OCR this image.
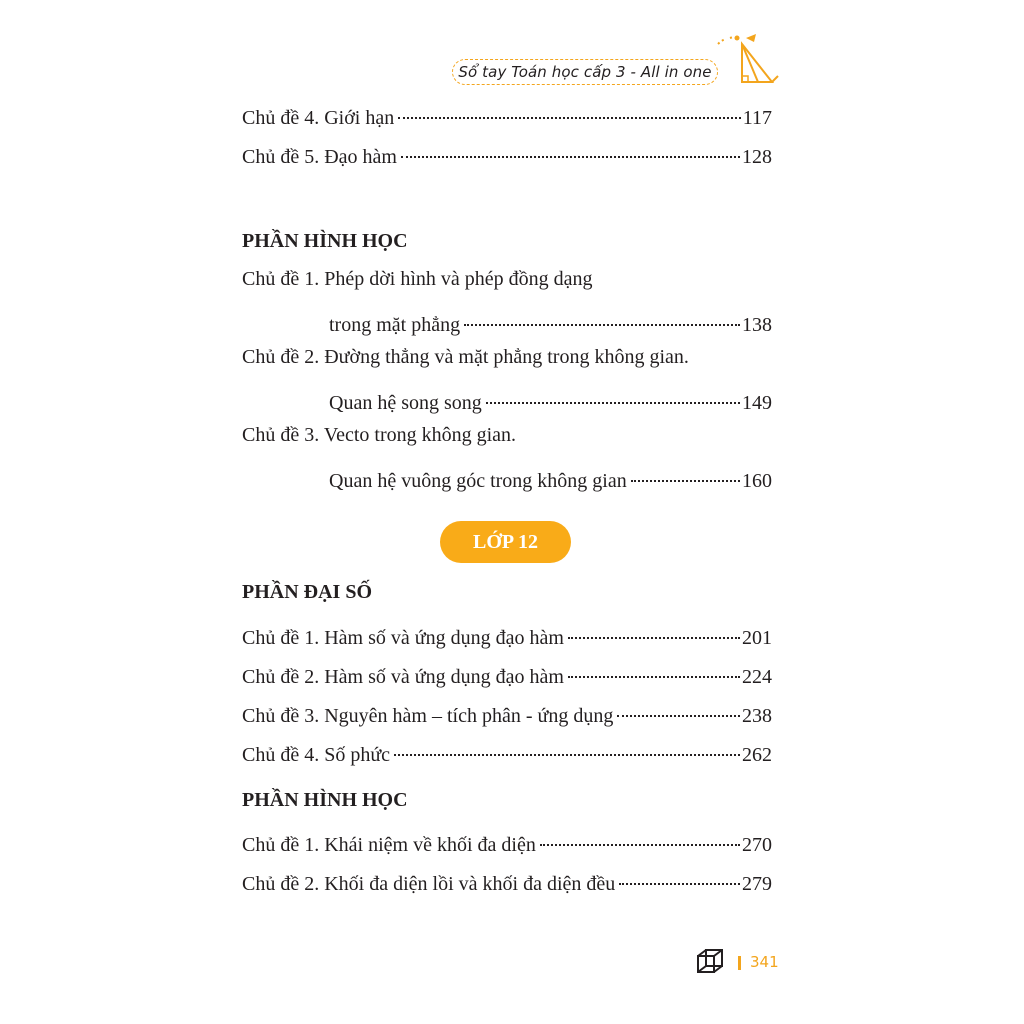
Sổ tay Toán học cấp 3 - All in one
Chủ đề 4. Giới hạn	117
Chủ đề 5. Đạo hàm	128
PHẦN HÌNH HỌC
Chủ đề 1. Phép dời hình và phép đồng dạng
trong mặt phẳng	138
Chủ đề 2. Đường thẳng và mặt phẳng trong không gian.
Quan hệ song song	149
Chủ đề 3. Vecto trong không gian.
Quan hệ vuông góc trong không gian	160
LỚP 12
PHẦN ĐẠI SỐ
Chủ đề 1. Hàm số và ứng dụng đạo hàm	201
Chủ đề 2. Hàm số và ứng dụng đạo hàm	224
Chủ đề 3. Nguyên hàm – tích phân - ứng dụng	238
Chủ đề 4. Số phức	262
PHẦN HÌNH HỌC
Chủ đề 1. Khái niệm về khối đa diện	270
Chủ đề 2. Khối đa diện lồi và khối đa diện đều	279
341
